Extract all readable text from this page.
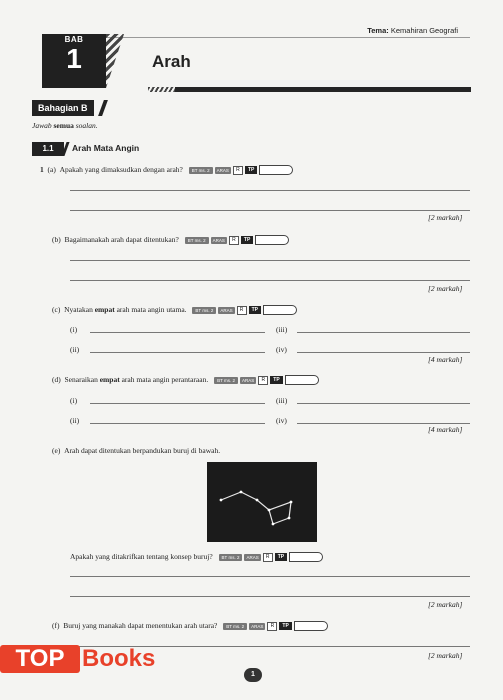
Tema: Kemahiran Geografi
BAB
1	Arah
Bahagian B
Jawab semua soalan.
1.1	Arah Mata Angin
1 (a) Apakah yang dimaksudkan dengan arah?	BT ms. 2	ARAS	R	TP
[2 markah]
(b) Bagaimanakah arah dapat ditentukan?	BT ms. 2	ARAS	R	TP
[2 markah]
(c) Nyatakan empat arah mata angin utama.	BT ms. 2	ARAS	R	TP
(i)	(iii)
(ii)	(iv)
[4 markah]
(d) Senaraikan empat arah mata angin perantaraan.	BT ms. 2	ARAS	R	TP
(i)	(iii)
(ii)	(iv)
[4 markah]
(e) Arah dapat ditentukan berpandukan buruj di bawah.
Apakah yang ditakrifkan tentang konsep buruj?	BT ms. 2	ARAS	R	TP
[2 markah]
(f) Buruj yang manakah dapat menentukan arah utara?	BT ms. 2	ARAS	R	TP
[2 markah]
TOP Books
1
